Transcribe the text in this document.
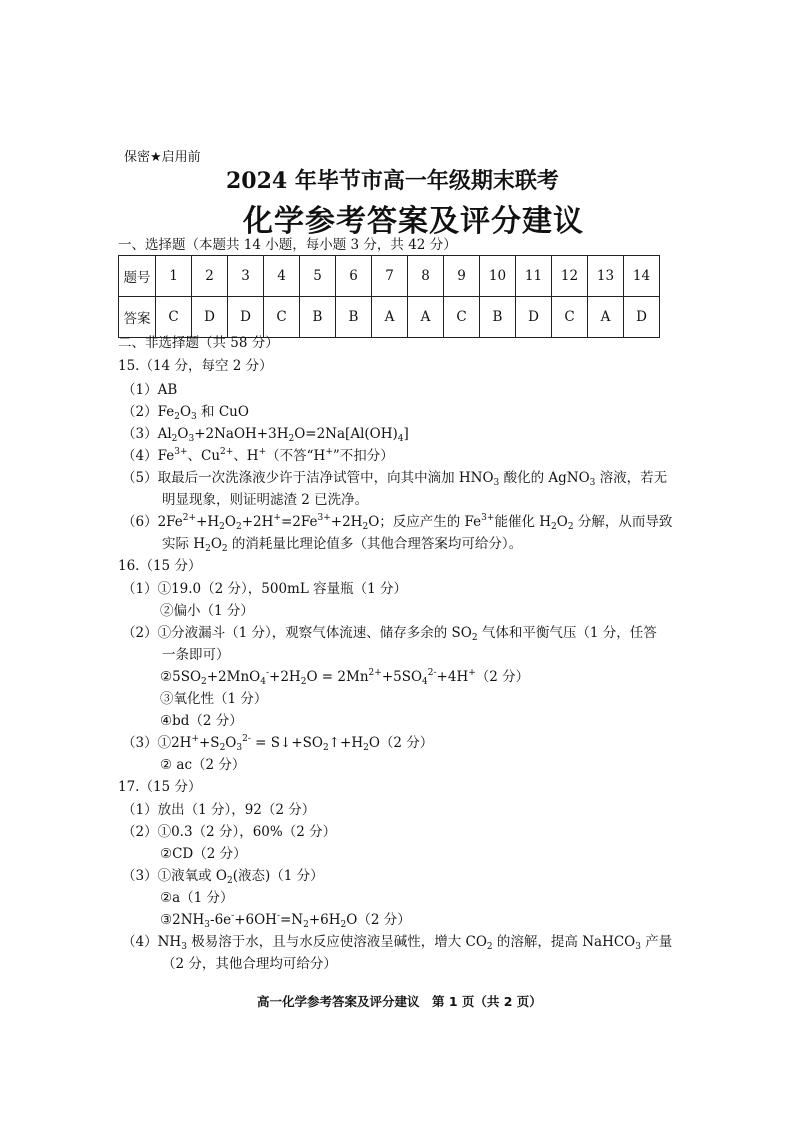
保密★启用前
2024 年毕节市高一年级期末联考
化学参考答案及评分建议
一、选择题（本题共 14 小题，每小题 3 分，共 42 分）
题号	1	2	3	4	5	6	7	8	9	10	11	12	13	14
答案	C	D	D	C	B	B	A	A	C	B	D	C	A	D
二、非选择题（共 58 分）
15.（14 分，每空 2 分）
（1）AB
$(2)Fe_2O_3$ 和 CuO
$(3)Al_2O_3+2NaOH+3H_2O=2Na[Al(OH)_4]$
$(4)Fe^{3+}$、$Cu^{2+}$、H+（不答“H+”不扣分）
（5）取最后一次洗涤液少许于洁净试管中，向其中滴加 $HNO_3$ 酸化的 AgNO$_3$ 溶液，若无
明显现象，则证明滤渣 2 已洗净。
$(6)2Fe^{2+}+H_2O_2+2H^+=2Fe^{3+}+2H_2O$；反应产生的 $Fe^{3+}$能催化 $H_2O_2$ 分解，从而导致
实际 $H_2O_2$ 的消耗量比理论值多（其他合理答案均可给分）。
16.（15 分）
（1）①19.0（2 分），500mL 容量瓶（1 分）
②偏小（1 分）
（2）①分液漏斗（1 分），观察气体流速、储存多余的 $SO_2$ 气体和平衡气压（1 分，任答
一条即可）
$②5SO_2+2MnO_4^-+2H_2O = 2Mn^{2+}+5SO_4^{2-}+4H^+(2$ 分）
③氧化性（1 分）
④bd（2 分）
$(3)①2H^++S_2O_3^{2-}$ = $S↓+SO_2↑+H_2O(2$ 分）
② ac（2 分）
17.（15 分）
（1）放出（1 分），92（2 分）
（2）①0.3（2 分），60%（2 分）
②CD（2 分）
（3）①液氧或 $O_2$(液态)（1 分）
②a（1 分）
$③2NH_3-6e^-+6OH^-=N_2+6H_2O(2$ 分）
$(4)NH_3$ 极易溶于水，且与水反应使溶液呈碱性，增大 $CO_2$ 的溶解，提高 NaHCO$_3$ 产量
（2 分，其他合理均可给分）
高一化学参考答案及评分建议　第 1 页（共 2 页）
